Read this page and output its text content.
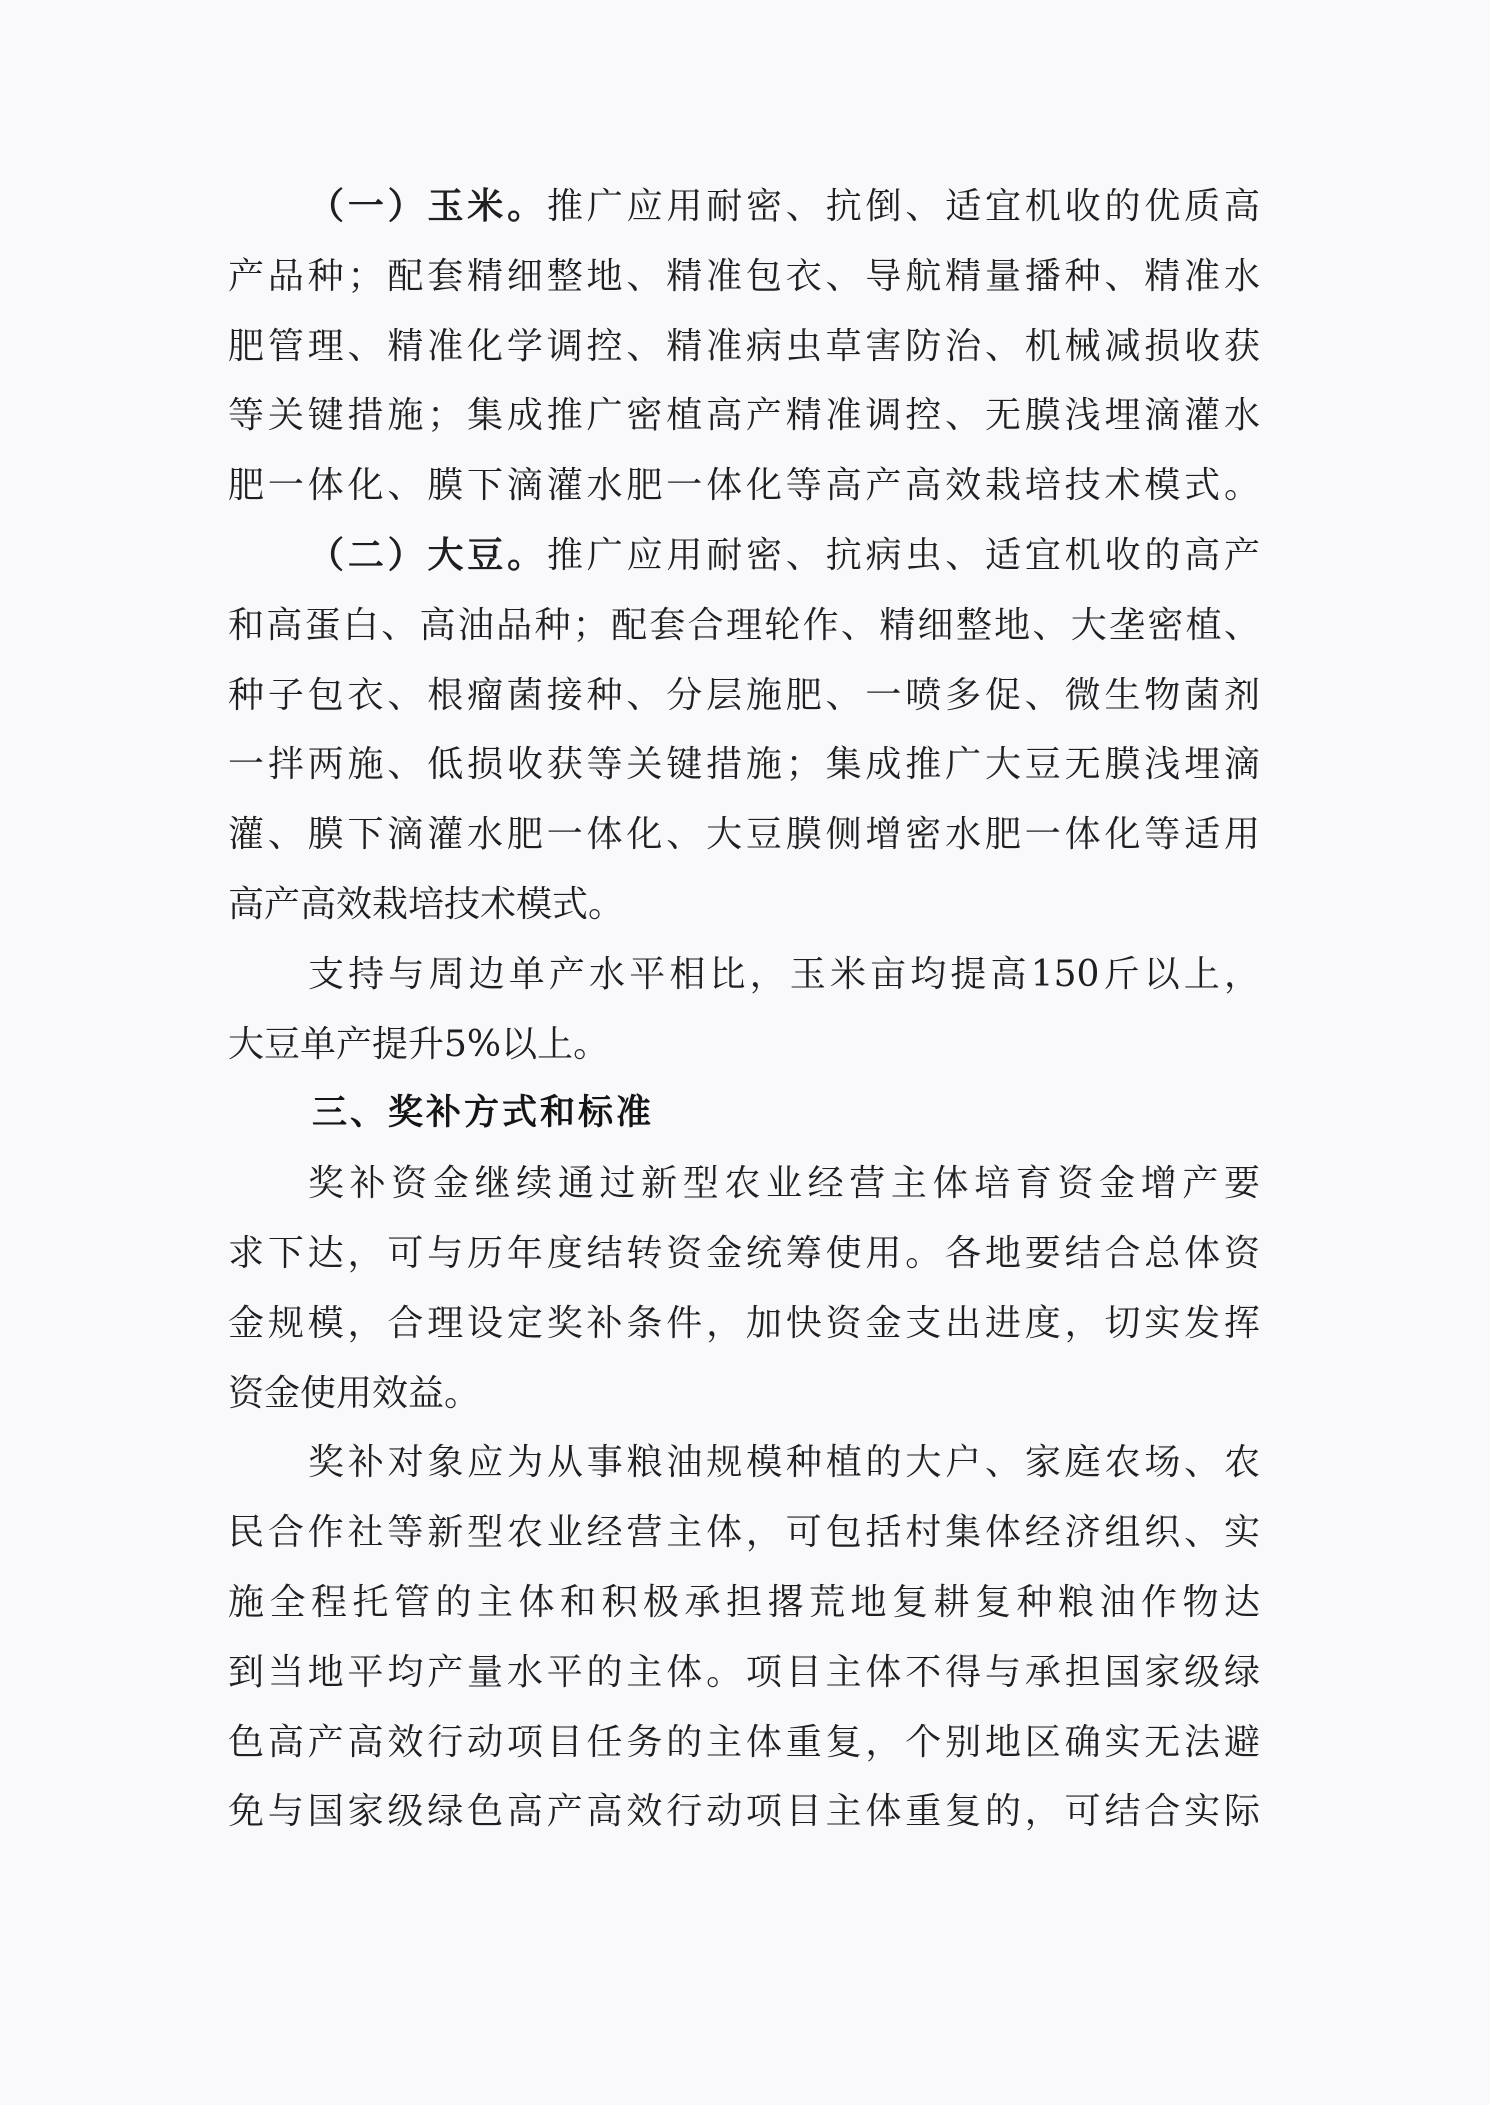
（一）玉米。推广应用耐密、抗倒、适宜机收的优质高
产品种；配套精细整地、精准包衣、导航精量播种、精准水
肥管理、精准化学调控、精准病虫草害防治、机械减损收获
等关键措施；集成推广密植高产精准调控、无膜浅埋滴灌水
肥一体化、膜下滴灌水肥一体化等高产高效栽培技术模式。
（二）大豆。推广应用耐密、抗病虫、适宜机收的高产
和高蛋白、高油品种；配套合理轮作、精细整地、大垄密植、
种子包衣、根瘤菌接种、分层施肥、一喷多促、微生物菌剂
一拌两施、低损收获等关键措施；集成推广大豆无膜浅埋滴
灌、膜下滴灌水肥一体化、大豆膜侧增密水肥一体化等适用
高产高效栽培技术模式。
支持与周边单产水平相比，玉米亩均提高150斤以上，
大豆单产提升5%以上。
三、奖补方式和标准
奖补资金继续通过新型农业经营主体培育资金增产要
求下达，可与历年度结转资金统筹使用。各地要结合总体资
金规模，合理设定奖补条件，加快资金支出进度，切实发挥
资金使用效益。
奖补对象应为从事粮油规模种植的大户、家庭农场、农
民合作社等新型农业经营主体，可包括村集体经济组织、实
施全程托管的主体和积极承担撂荒地复耕复种粮油作物达
到当地平均产量水平的主体。项目主体不得与承担国家级绿
色高产高效行动项目任务的主体重复，个别地区确实无法避
免与国家级绿色高产高效行动项目主体重复的，可结合实际
